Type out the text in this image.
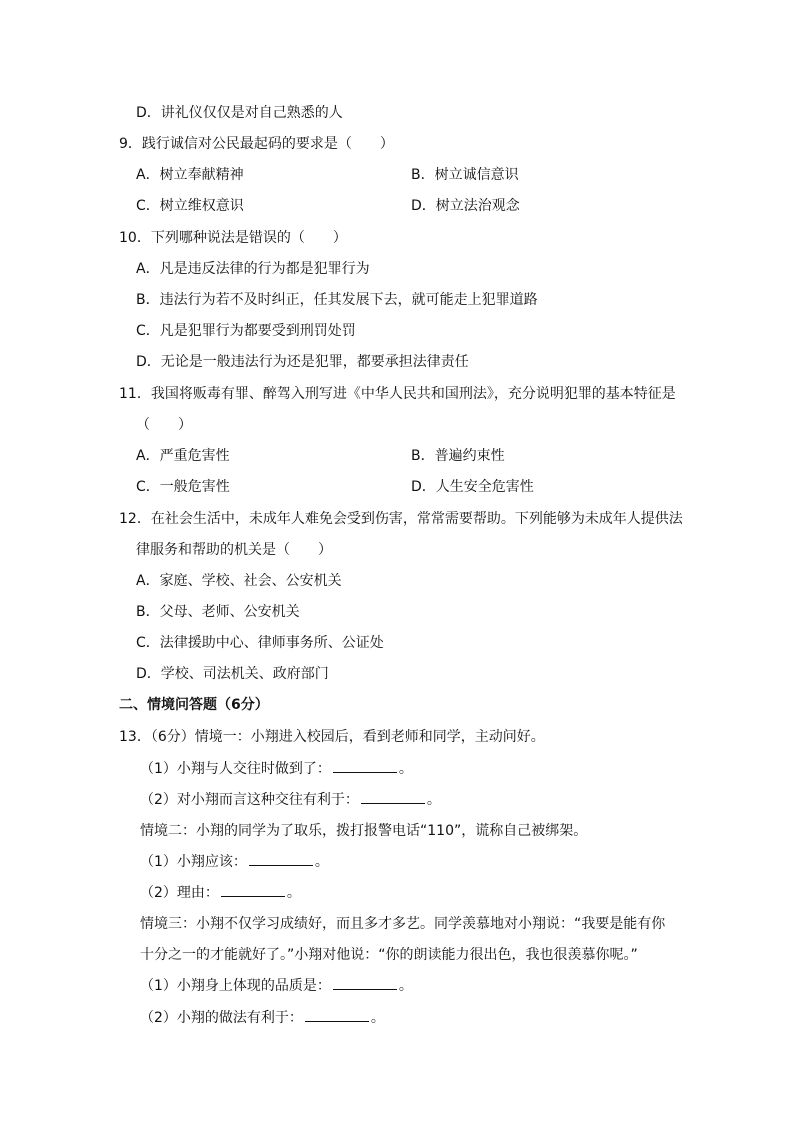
D．讲礼仪仅仅是对自己熟悉的人
9．践行诚信对公民最起码的要求是（　　）
A．树立奉献精神	B．树立诚信意识
C．树立维权意识	D．树立法治观念
10．下列哪种说法是错误的（　　）
A．凡是违反法律的行为都是犯罪行为
B．违法行为若不及时纠正，任其发展下去，就可能走上犯罪道路
C．凡是犯罪行为都要受到刑罚处罚
D．无论是一般违法行为还是犯罪，都要承担法律责任
11．我国将贩毒有罪、醉驾入刑写进《中华人民共和国刑法》，充分说明犯罪的基本特征是
（　　）
A．严重危害性	B．普遍约束性
C．一般危害性	D．人生安全危害性
12．在社会生活中，未成年人难免会受到伤害，常常需要帮助。下列能够为未成年人提供法
律服务和帮助的机关是（　　）
A．家庭、学校、社会、公安机关
B．父母、老师、公安机关
C．法律援助中心、律师事务所、公证处
D．学校、司法机关、政府部门
二、情境问答题（6分）
13．（6分）情境一：小翔进入校园后，看到老师和同学，主动问好。
（1）小翔与人交往时做到了：	。
（2）对小翔而言这种交往有利于：	。
情境二：小翔的同学为了取乐，拨打报警电话“110”，谎称自己被绑架。
（1）小翔应该：	。
（2）理由：	。
情境三：小翔不仅学习成绩好，而且多才多艺。同学羡慕地对小翔说：“我要是能有你
十分之一的才能就好了。”小翔对他说：“你的朗读能力很出色，我也很羡慕你呢。”
（1）小翔身上体现的品质是：	。
（2）小翔的做法有利于：	。
